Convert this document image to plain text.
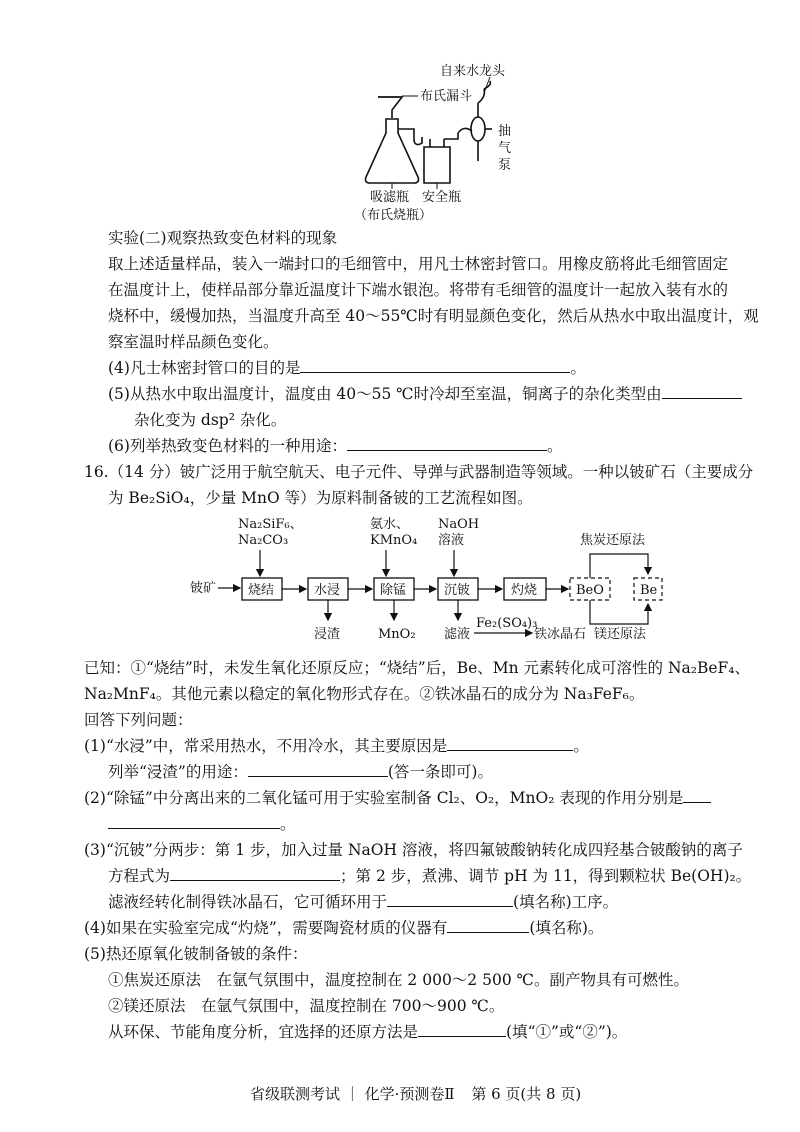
布氏漏斗
自来水龙头
抽
气
泵
吸滤瓶 安全瓶
（布氏烧瓶）
实验(二)观察热致变色材料的现象
取上述适量样品，装入一端封口的毛细管中，用凡士林密封管口。用橡皮筋将此毛细管固定
在温度计上，使样品部分靠近温度计下端水银泡。将带有毛细管的温度计一起放入装有水的
烧杯中，缓慢加热，当温度升高至 40～55℃时有明显颜色变化，然后从热水中取出温度计，观
察室温时样品颜色变化。
(4)凡士林密封管口的目的是	。
(5)从热水中取出温度计，温度由 40～55 ℃时冷却至室温，铜离子的杂化类型由
杂化变为 dsp² 杂化。
(6)列举热致变色材料的一种用途：	。
16.（14 分）铍广泛用于航空航天、电子元件、导弹与武器制造等领域。一种以铍矿石（主要成分
为 Be₂SiO₄，少量 MnO 等）为原料制备铍的工艺流程如图。
Na₂SiF₆、
Na₂CO₃
氨水、
KMnO₄
NaOH
溶液	焦炭还原法
铍矿 烧结	水浸	除锰	沉铍	灼烧	BeO	Be
浸渣	MnO₂ 滤液
Fe₂(SO₄)₃
铁冰晶石 镁还原法
已知：①“烧结”时，未发生氧化还原反应；“烧结”后，Be、Mn 元素转化成可溶性的 Na₂BeF₄、
Na₂MnF₄。其他元素以稳定的氧化物形式存在。②铁冰晶石的成分为 Na₃FeF₆。
回答下列问题：
(1)“水浸”中，常采用热水，不用冷水，其主要原因是	。
列举“浸渣”的用途：	(答一条即可)。
(2)“除锰”中分离出来的二氧化锰可用于实验室制备 Cl₂、O₂，MnO₂ 表现的作用分别是
。
(3)“沉铍”分两步：第 1 步，加入过量 NaOH 溶液，将四氟铍酸钠转化成四羟基合铍酸钠的离子
方程式为	；第 2 步，煮沸、调节 pH 为 11，得到颗粒状 Be(OH)₂。
滤液经转化制得铁冰晶石，它可循环用于	(填名称)工序。
(4)如果在实验室完成“灼烧”，需要陶瓷材质的仪器有	(填名称)。
(5)热还原氧化铍制备铍的条件：
①焦炭还原法　在氩气氛围中，温度控制在 2 000～2 500 ℃。副产物具有可燃性。
②镁还原法　在氩气氛围中，温度控制在 700～900 ℃。
从环保、节能角度分析，宜选择的还原方法是	(填“①”或“②”)。
省级联测考试 ｜ 化学·预测卷Ⅱ 第 6 页(共 8 页)
